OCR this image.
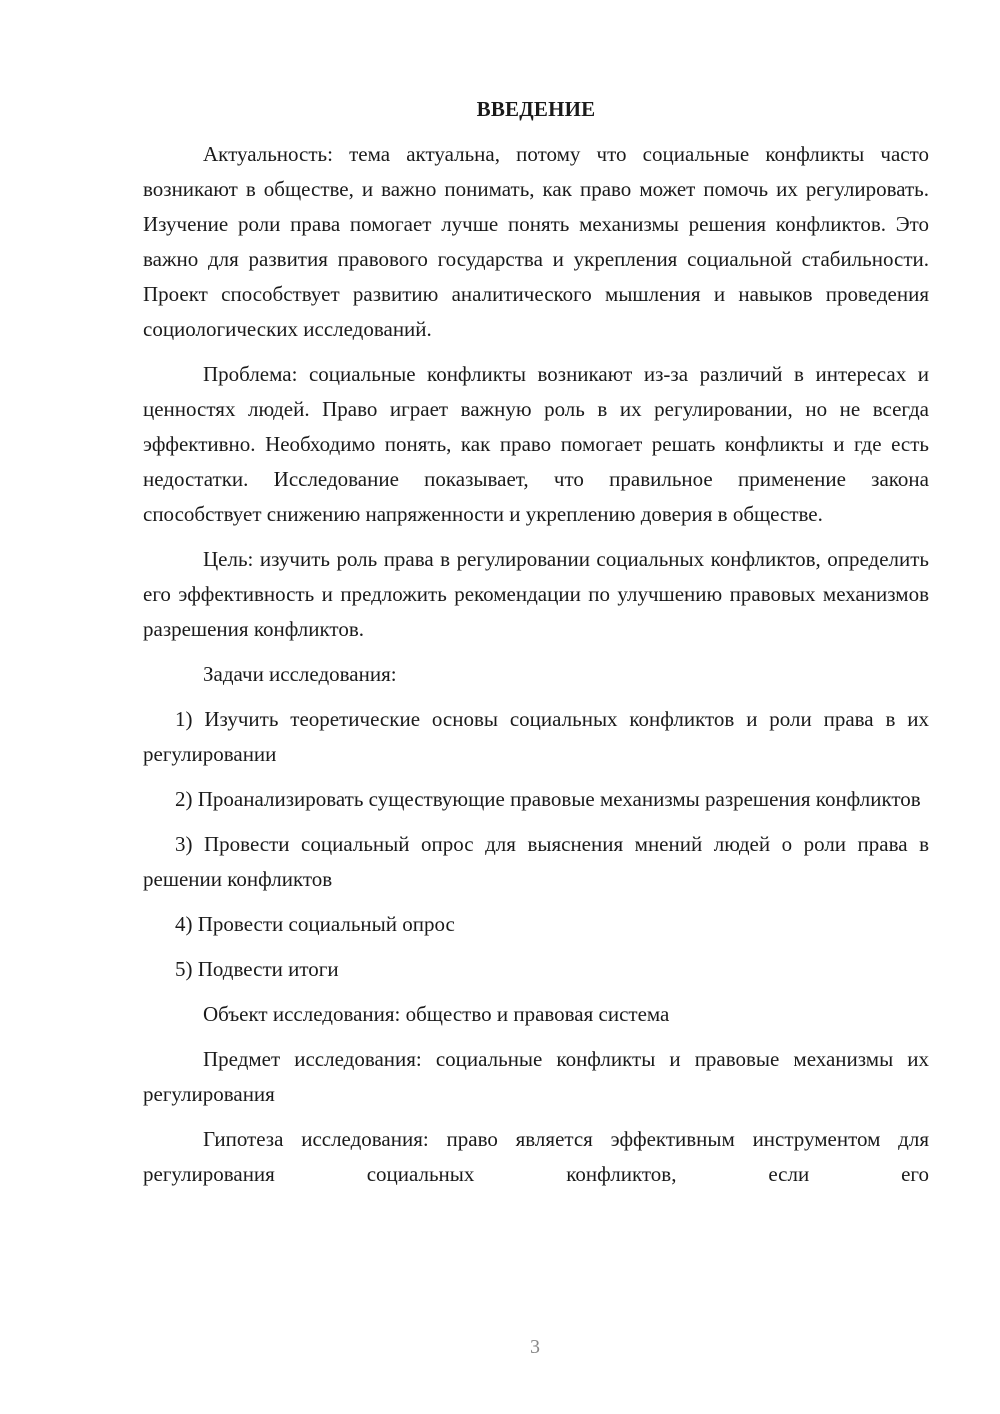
ВВЕДЕНИЕ

Актуальность: тема актуальна, потому что социальные конфликты часто возникают в обществе, и важно понимать, как право может помочь их регулировать. Изучение роли права помогает лучше понять механизмы решения конфликтов. Это важно для развития правового государства и укрепления социальной стабильности. Проект способствует развитию аналитического мышления и навыков проведения социологических исследований.

Проблема: социальные конфликты возникают из-за различий в интересах и ценностях людей. Право играет важную роль в их регулировании, но не всегда эффективно. Необходимо понять, как право помогает решать конфликты и где есть недостатки. Исследование показывает, что правильное применение закона способствует снижению напряженности и укреплению доверия в обществе.

Цель: изучить роль права в регулировании социальных конфликтов, определить его эффективность и предложить рекомендации по улучшению правовых механизмов разрешения конфликтов.

Задачи исследования:

1) Изучить теоретические основы социальных конфликтов и роли права в их регулировании

2) Проанализировать существующие правовые механизмы разрешения конфликтов

3) Провести социальный опрос для выяснения мнений людей о роли права в решении конфликтов

4) Провести социальный опрос

5) Подвести итоги

Объект исследования: общество и правовая система

Предмет исследования: социальные конфликты и правовые механизмы их регулирования

Гипотеза исследования: право является эффективным инструментом для регулирования социальных конфликтов, если его

3
